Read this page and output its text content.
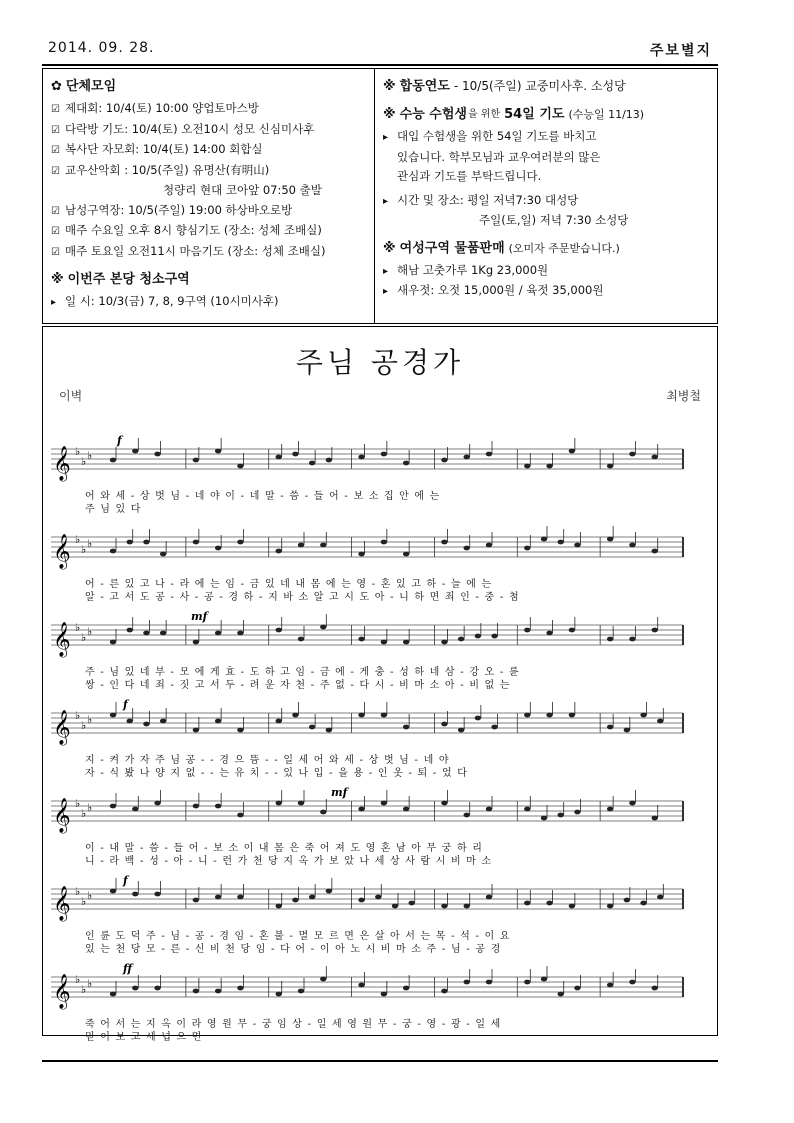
2014. 09. 28.	주보별지
✿ 단체모임
☑ 제대회: 10/4(토) 10:00 양업토마스방
☑ 다락방 기도: 10/4(토) 오전10시 성모 신심미사후
☑ 복사단 자모회: 10/4(토) 14:00 회합실
☑ 교우산악회 : 10/5(주일) 유명산(有明山)
청량리 현대 코아앞 07:50 출발
☑ 남성구역장: 10/5(주일) 19:00 하상바오로방
☑ 매주 수요일 오후 8시 향심기도 (장소: 성체 조배실)
☑ 매주 토요일 오전11시 마음기도 (장소: 성체 조배실)
※ 이번주 본당 청소구역
▸ 일 시: 10/3(금) 7, 8, 9구역 (10시미사후)
※ 합동연도 - 10/5(주일) 교중미사후. 소성당
※ 수능 수험생 을 위한 54일 기도 (수능일 11/13)
▸ 대입 수험생을 위한 54일 기도를 바치고
있습니다. 학부모님과 교우여러분의 많은
관심과 기도를 부탁드립니다.
▸ 시간 및 장소: 평일 저녁7:30 대성당
주일(토,일) 저녁 7:30 소성당
※ 여성구역 물품판매 (오미자 주문받습니다.)
▸ 해남 고춧가루 1Kg 23,000원
▸ 새우젓: 오젓 15,000원 / 육젓 35,000원
주님 공경가
이벽	최병철
𝄞 ♭
♭ ♭
f
어 와 세 - 상 벗 님 - 네 야 이 - 네 말 - 씀 - 들 어 - 보 소 집 안 에 는
주 님 있 다
𝄞 ♭
♭ ♭
어 - 른 있 고 나 - 라 에 는 임 - 금 있 네 내 몸 에 는 영 - 혼 있 고 하 - 늘 에 는
알 - 고 서 도 공 - 사 - 공 - 경 하 - 지 바 소 알 고 시 도 아 - 니 하 면 죄 인 - 중 - 첨
𝄞 ♭
♭ ♭
mf
주 - 님 있 네 부 - 모 에 게 효 - 도 하 고 임 - 금 에 - 게 충 - 성 하 네 삼 - 강 오 - 륜
쌍 - 인 다 네 죄 - 짓 고 서 두 - 려 운 자 천 - 주 없 - 다 시 - 비 마 소 아 - 비 없 는
𝄞 ♭
♭ ♭
f
지 - 켜 가 자 주 님 공 - - 경 으 뜸 - - 일 세 어 와 세 - 상 벗 님 - 네 야
자 - 식 봤 나 양 지 없 - - 는 유 치 - - 있 나 입 - 을 용 - 인 옷 - 퇴 - 었 다
𝄞 ♭
♭ ♭
mf
이 - 내 말 - 씀 - 들 어 - 보 소 이 내 몸 은 죽 어 져 도 영 혼 남 아 무 궁 하 리
니 - 라 백 - 성 - 아 - 니 - 런 가 천 당 지 옥 가 보 았 나 세 상 사 람 시 비 마 소
𝄞 ♭
♭ ♭
f
인 륜 도 덕 주 - 님 - 공 - 경 임 - 혼 불 - 멸 모 르 면 은 살 아 서 는 목 - 석 - 이 요
있 는 천 당 모 - 른 - 신 비 천 당 임 - 다 어 - 이 아 노 시 비 마 소 주 - 님 - 공 경
𝄞 ♭
♭ ♭
ff
죽 어 서 는 지 옥 이 라 영 원 무 - 궁 임 상 - 일 세 영 원 무 - 궁 - 영 - 광 - 일 세
믿 어 보 고 세 넙 으 면
